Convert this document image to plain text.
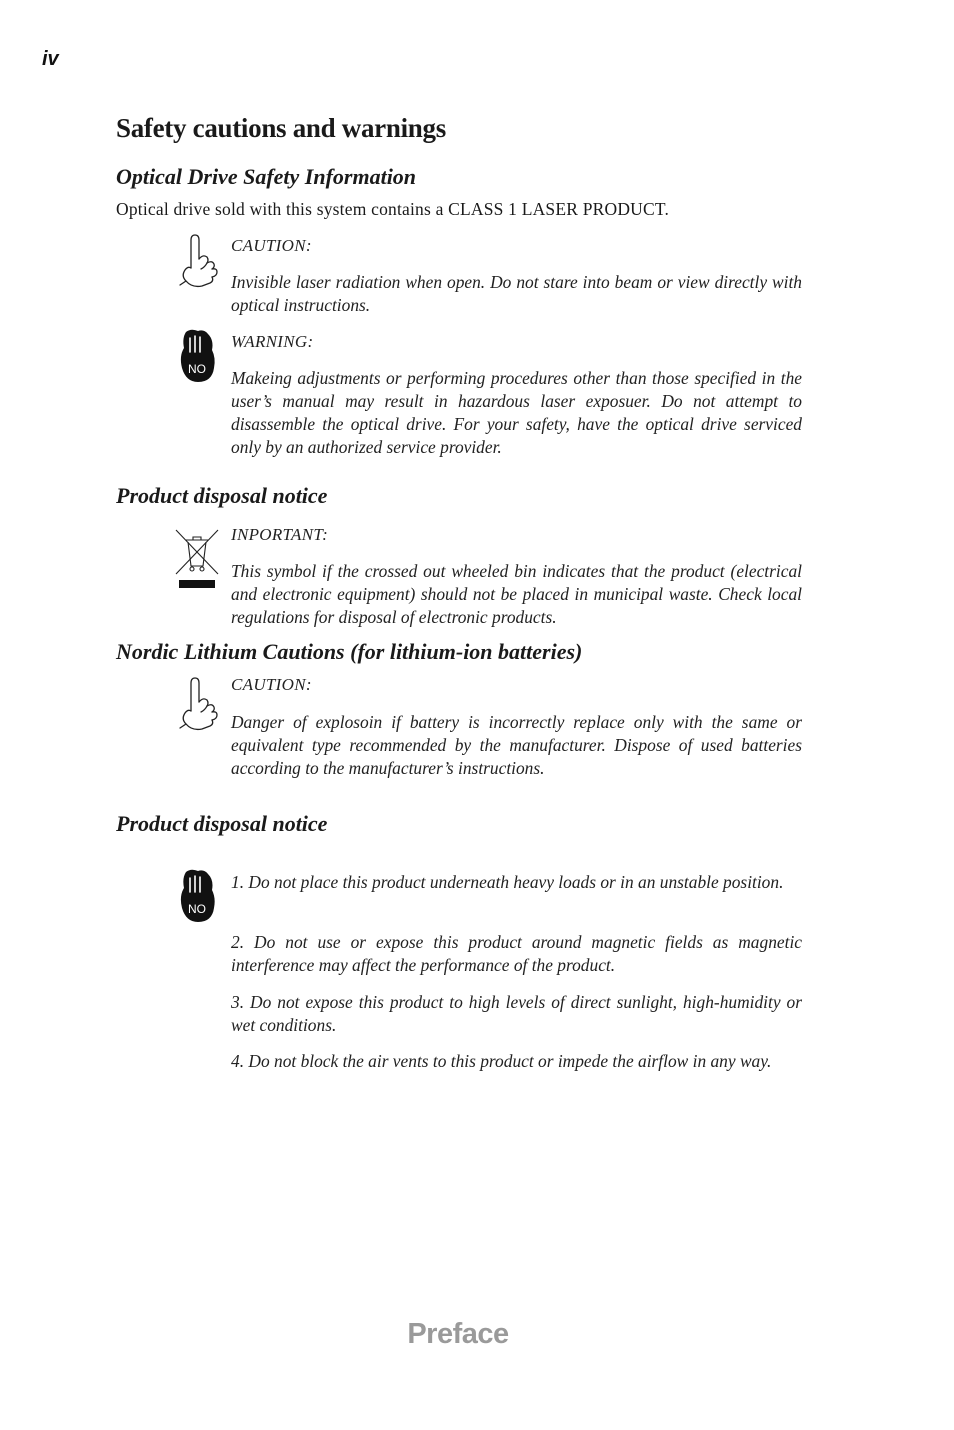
iv
Safety cautions and warnings
Optical Drive Safety Information
Optical drive sold with this system contains a CLASS 1 LASER PRODUCT.
CAUTION:
Invisible laser radiation when open. Do not stare into beam or view directly with optical instructions.
NO
WARNING:
Makeing adjustments or performing procedures other than those specified in the user’s manual may result in hazardous laser exposuer. Do not attempt to disassemble the optical drive. For your safety, have the optical drive serviced only by an authorized service provider.
Product disposal notice
INPORTANT:
This symbol if the crossed out wheeled bin indicates that the product (electrical and electronic equipment) should not be placed in municipal waste. Check local regulations for disposal of electronic products.
Nordic Lithium Cautions (for lithium-ion batteries)
CAUTION:
Danger of explosoin if battery is incorrectly replace only with the same or equivalent type recommended by the manufacturer. Dispose of used batteries according to the manufacturer’s instructions.
Product disposal notice
NO
1. Do not place this product underneath heavy loads or in an unstable position.
2. Do not use or expose this product around magnetic fields as magnetic interference may affect the performance of the product.
3. Do not expose this product to high levels of direct sunlight, high-humidity or wet conditions.
4. Do not block the air vents to this product or impede the airflow in any way.
Preface
